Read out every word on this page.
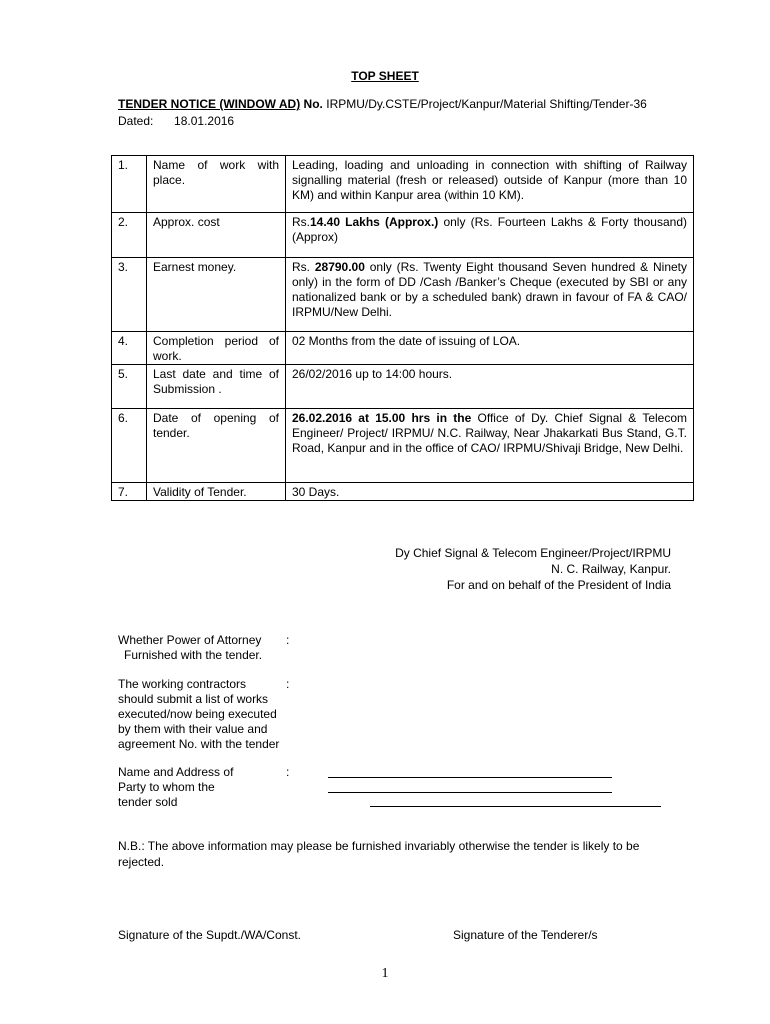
TOP SHEET
TENDER NOTICE (WINDOW AD) No. IRPMU/Dy.CSTE/Project/Kanpur/Material Shifting/Tender-36
Dated: 18.01.2016
1.	Name of work with place.	Leading, loading and unloading in connection with shifting of Railway signalling material (fresh or released) outside of Kanpur (more than 10 KM) and within Kanpur area (within 10 KM).
2.	Approx. cost	Rs.14.40 Lakhs (Approx.) only (Rs. Fourteen Lakhs & Forty thousand) (Approx)
3.	Earnest money.	Rs. 28790.00 only (Rs. Twenty Eight thousand Seven hundred & Ninety only) in the form of DD /Cash /Banker’s Cheque (executed by SBI or any nationalized bank or by a scheduled bank) drawn in favour of FA & CAO/ IRPMU/New Delhi.
4.	Completion period of work.	02 Months from the date of issuing of LOA.
5.	Last date and time of Submission .	26/02/2016 up to 14:00 hours.
6.	Date of opening of tender.	26.02.2016 at 15.00 hrs in the Office of Dy. Chief Signal & Telecom Engineer/ Project/ IRPMU/ N.C. Railway, Near Jhakarkati Bus Stand, G.T. Road, Kanpur and in the office of CAO/ IRPMU/Shivaji Bridge, New Delhi.
7.	Validity of Tender.	30 Days.
Dy Chief Signal & Telecom Engineer/Project/IRPMU
N. C. Railway, Kanpur.
For and on behalf of the President of India
Whether Power of Attorney
Furnished with the tender.
:
The working contractors
should submit a list of works
executed/now being executed
by them with their value and
agreement No. with the tender
:
Name and Address of
Party to whom the
tender sold
:
N.B.: The above information may please be furnished invariably otherwise the tender is likely to be rejected.
Signature of the Supdt./WA/Const.	Signature of the Tenderer/s
1
